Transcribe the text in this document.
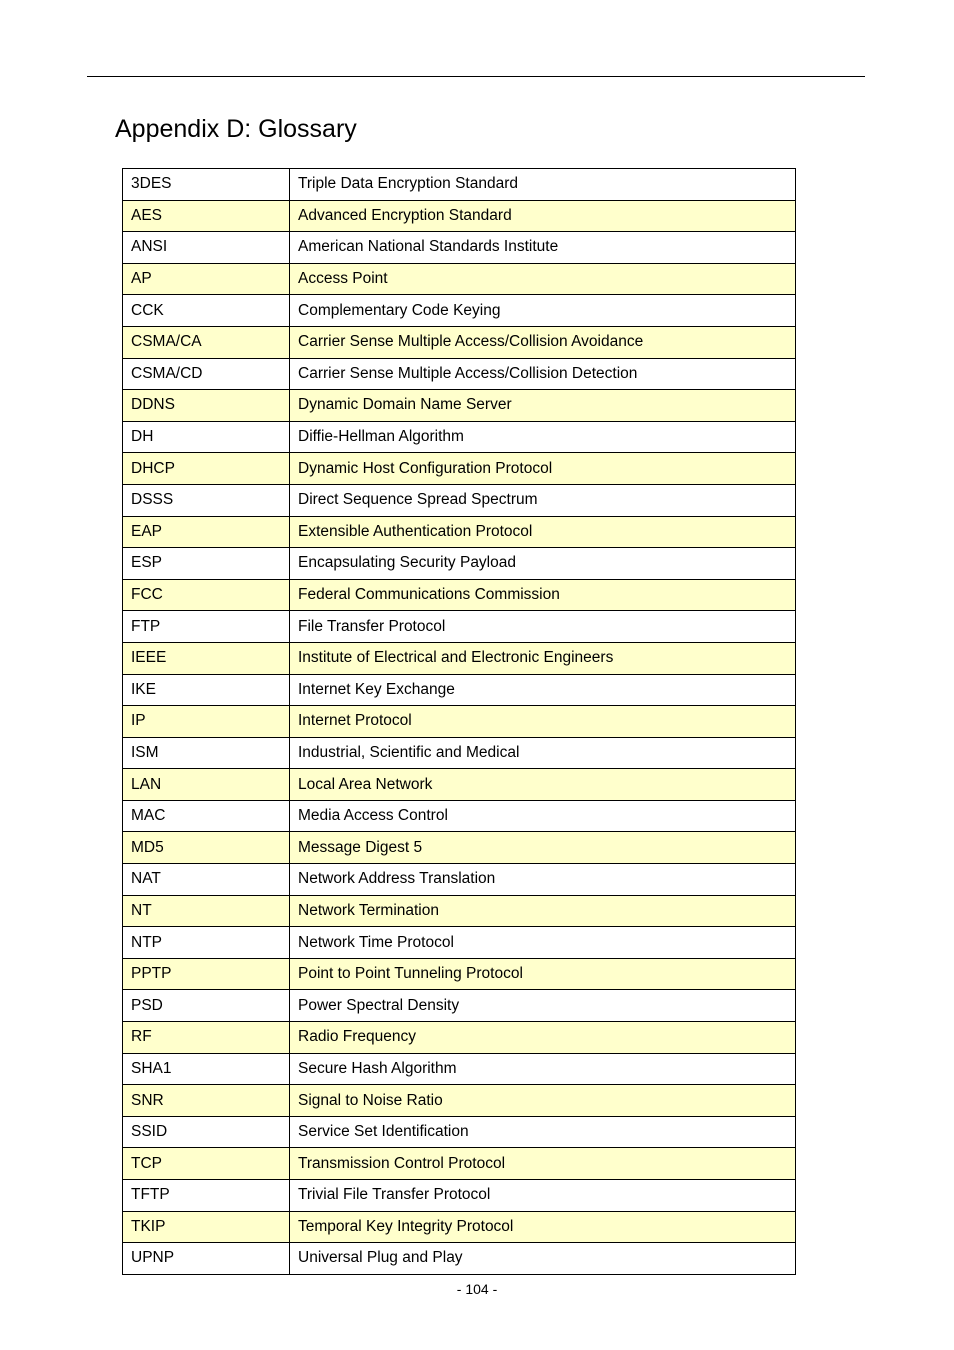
Appendix D: Glossary
3DES	Triple Data Encryption Standard
AES	Advanced Encryption Standard
ANSI	American National Standards Institute
AP	Access Point
CCK	Complementary Code Keying
CSMA/CA	Carrier Sense Multiple Access/Collision Avoidance
CSMA/CD	Carrier Sense Multiple Access/Collision Detection
DDNS	Dynamic Domain Name Server
DH	Diffie-Hellman Algorithm
DHCP	Dynamic Host Configuration Protocol
DSSS	Direct Sequence Spread Spectrum
EAP	Extensible Authentication Protocol
ESP	Encapsulating Security Payload
FCC	Federal Communications Commission
FTP	File Transfer Protocol
IEEE	Institute of Electrical and Electronic Engineers
IKE	Internet Key Exchange
IP	Internet Protocol
ISM	Industrial, Scientific and Medical
LAN	Local Area Network
MAC	Media Access Control
MD5	Message Digest 5
NAT	Network Address Translation
NT	Network Termination
NTP	Network Time Protocol
PPTP	Point to Point Tunneling Protocol
PSD	Power Spectral Density
RF	Radio Frequency
SHA1	Secure Hash Algorithm
SNR	Signal to Noise Ratio
SSID	Service Set Identification
TCP	Transmission Control Protocol
TFTP	Trivial File Transfer Protocol
TKIP	Temporal Key Integrity Protocol
UPNP	Universal Plug and Play
- 104 -
